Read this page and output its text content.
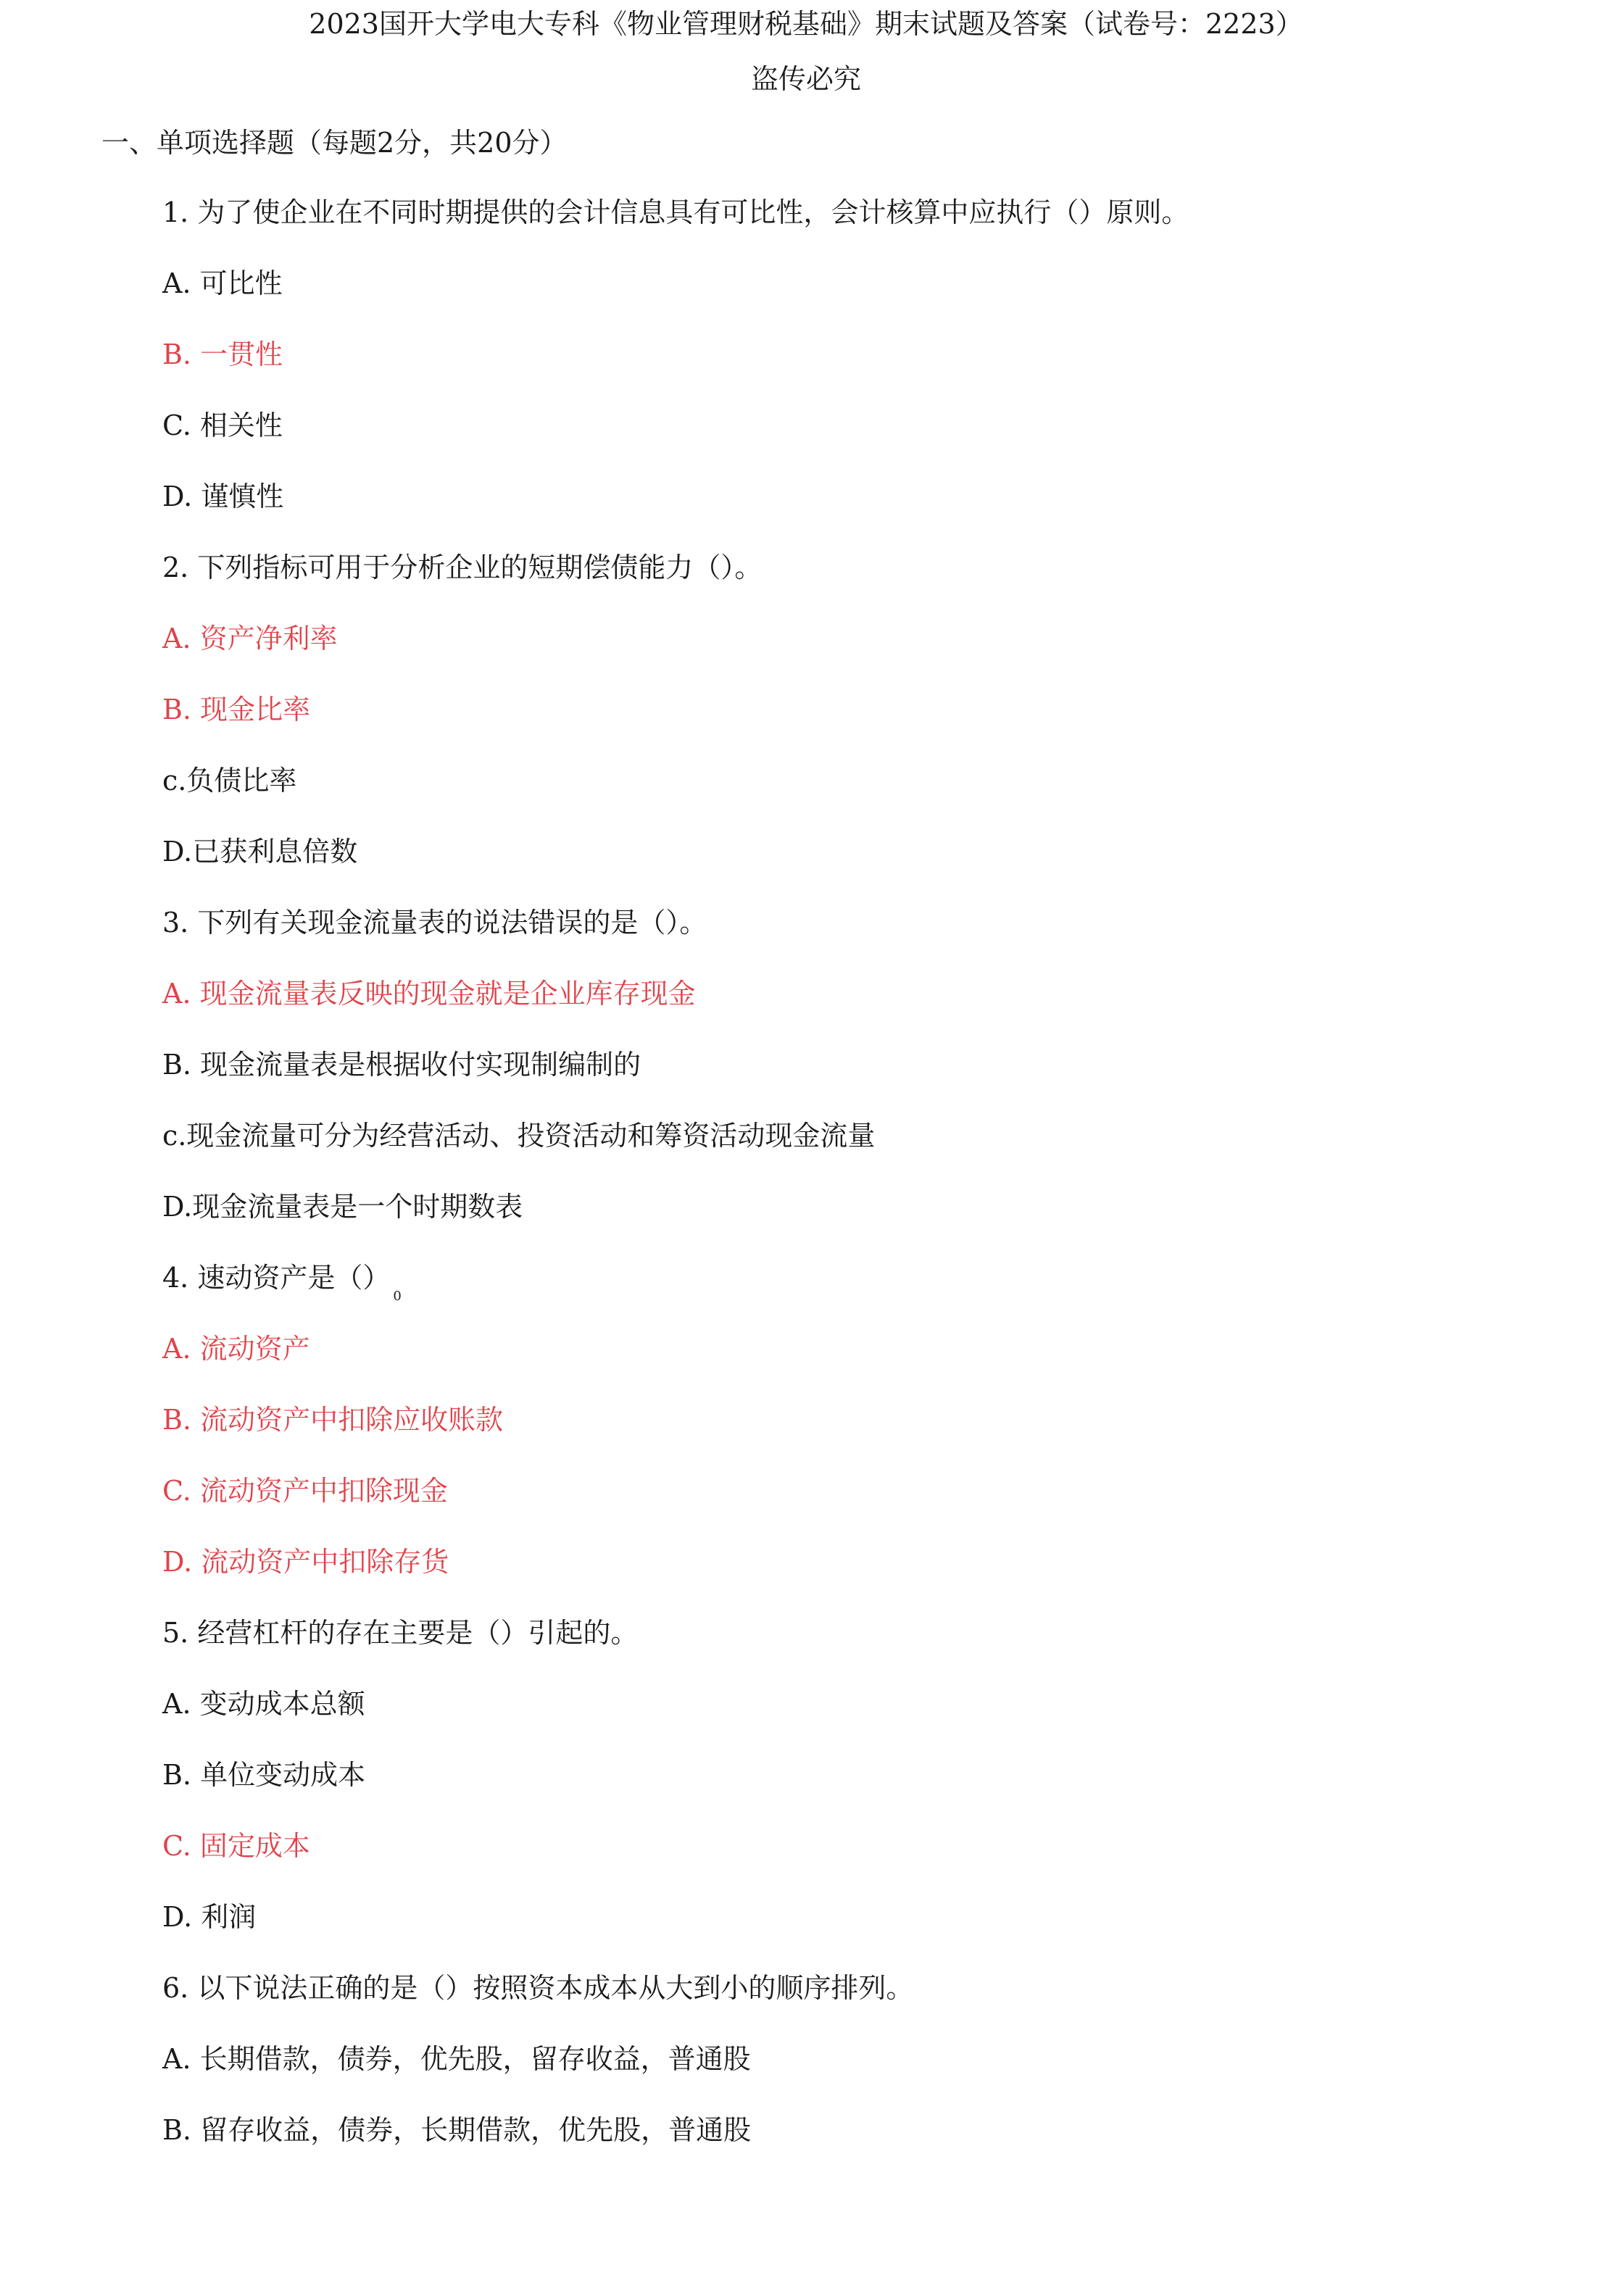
2023国开大学电大专科《物业管理财税基础》期末试题及答案（试卷号：2223）
盗传必究
一、单项选择题（每题2分，共20分）
1. 为了使企业在不同时期提供的会计信息具有可比性，会计核算中应执行（）原则。
A. 可比性
B. 一贯性
C. 相关性
D. 谨慎性
2. 下列指标可用于分析企业的短期偿债能力（）。
A. 资产净利率
B. 现金比率
c.负债比率
D.已获利息倍数
3. 下列有关现金流量表的说法错误的是（）。
A. 现金流量表反映的现金就是企业库存现金
B. 现金流量表是根据收付实现制编制的
c.现金流量可分为经营活动、投资活动和筹资活动现金流量
D.现金流量表是一个时期数表
4. 速动资产是$()_0$
A. 流动资产
B. 流动资产中扣除应收账款
C. 流动资产中扣除现金
D. 流动资产中扣除存货
5. 经营杠杆的存在主要是（）引起的。
A. 变动成本总额
B. 单位变动成本
C. 固定成本
D. 利润
6. 以下说法正确的是（）按照资本成本从大到小的顺序排列。
A. 长期借款，债券，优先股，留存收益，普通股
B. 留存收益，债券，长期借款，优先股，普通股
